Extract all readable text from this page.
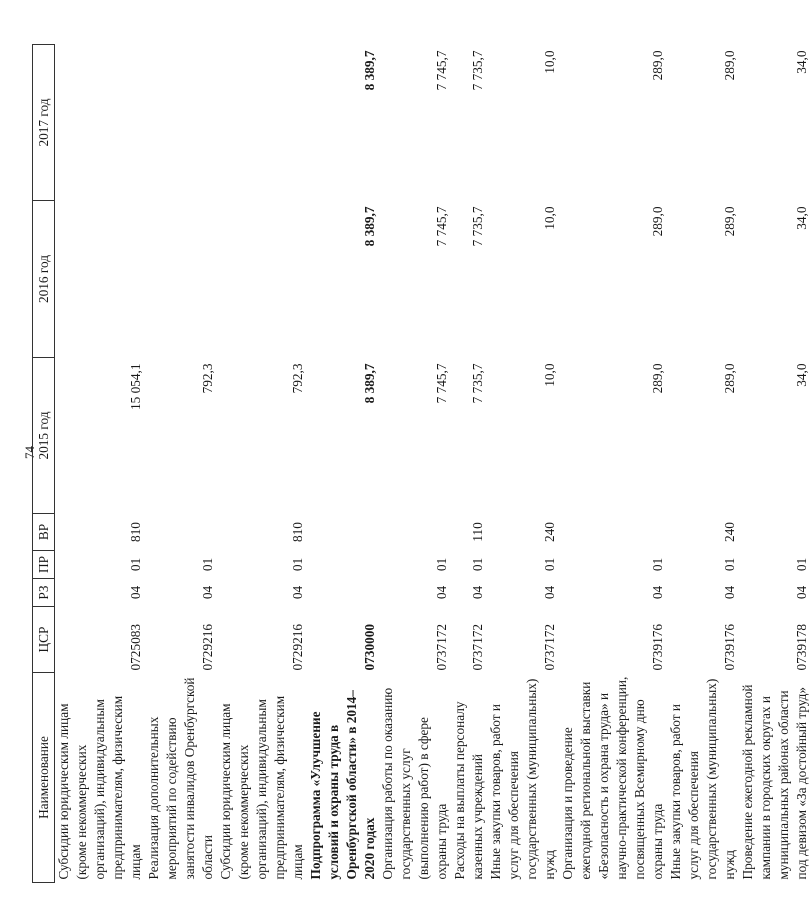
74
Наименование	ЦСР	РЗ	ПР	ВР	2015 год	2016 год	2017 год
Субсидии юридическим лицам (кроме некоммерческих организаций), индивидуальным предпринимателям, физическим лицам	0725083	04	01	810	15 054,1		
Реализация дополнительных мероприятий по содействию занятости инвалидов Оренбургской области	0729216	04	01		792,3		
Субсидии юридическим лицам (кроме некоммерческих организаций), индивидуальным предпринимателям, физическим лицам	0729216	04	01	810	792,3		
Подпрограмма «Улучшение условий и охраны труда в Оренбургской области» в 2014–2020 годах	0730000				8 389,7	8 389,7	8 389,7
Организация работы по оказанию государственных услуг (выполнению работ) в сфере охраны труда	0737172	04	01		7 745,7	7 745,7	7 745,7
Расходы на выплаты персоналу казенных учреждений	0737172	04	01	110	7 735,7	7 735,7	7 735,7
Иные закупки товаров, работ и услуг для обеспечения государственных (муниципальных) нужд	0737172	04	01	240	10,0	10,0	10,0
Организация и проведение ежегодной региональной выставки «Безопасность и охрана труда» и научно-практической конференции, посвященных Всемирному дню охраны труда	0739176	04	01		289,0	289,0	289,0
Иные закупки товаров, работ и услуг для обеспечения государственных (муниципальных) нужд	0739176	04	01	240	289,0	289,0	289,0
Проведение ежегодной рекламной кампании в городских округах и муниципальных районах области под девизом «За достойный труд»	0739178	04	01		34,0	34,0	34,0
